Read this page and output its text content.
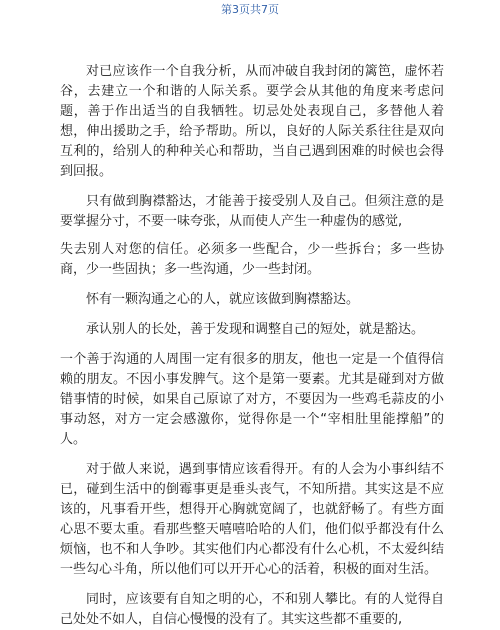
第3页共7页

对已应该作一个自我分析，从而冲破自我封闭的篱笆，虚怀若谷，去建立一个和谐的人际关系。要学会从其他的角度来考虑问题，善于作出适当的自我牺牲。切忌处处表现自己，多替他人着想，伸出援助之手，给予帮助。所以，良好的人际关系往往是双向互利的，给别人的种种关心和帮助，当自己遇到困难的时候也会得到回报。

只有做到胸襟豁达，才能善于接受别人及自己。但须注意的是要掌握分寸，不要一味夸张，从而使人产生一种虚伪的感觉,

失去别人对您的信任。必须多一些配合，少一些拆台；多一些协商，少一些固执；多一些沟通，少一些封闭。

怀有一颗沟通之心的人，就应该做到胸襟豁达。

承认别人的长处，善于发现和调整自己的短处，就是豁达。

一个善于沟通的人周围一定有很多的朋友，他也一定是一个值得信赖的朋友。不因小事发脾气。这个是第一要素。尤其是碰到对方做错事情的时候，如果自己原谅了对方，不要因为一些鸡毛蒜皮的小事动怒，对方一定会感激你，觉得你是一个“宰相肚里能撑船”的人。

对于做人来说，遇到事情应该看得开。有的人会为小事纠结不已，碰到生活中的倒霉事更是垂头丧气，不知所措。其实这是不应该的，凡事看开些，想得开心胸就宽阔了，也就舒畅了。有些方面心思不要太重。看那些整天嘻嘻哈哈的人们，他们似乎都没有什么烦恼，也不和人争吵。其实他们内心都没有什么心机，不太爱纠结一些勾心斗角，所以他们可以开开心心的活着，积极的面对生活。

同时，应该要有自知之明的心，不和别人攀比。有的人觉得自己处处不如人，自信心慢慢的没有了。其实这些都不重要的,
